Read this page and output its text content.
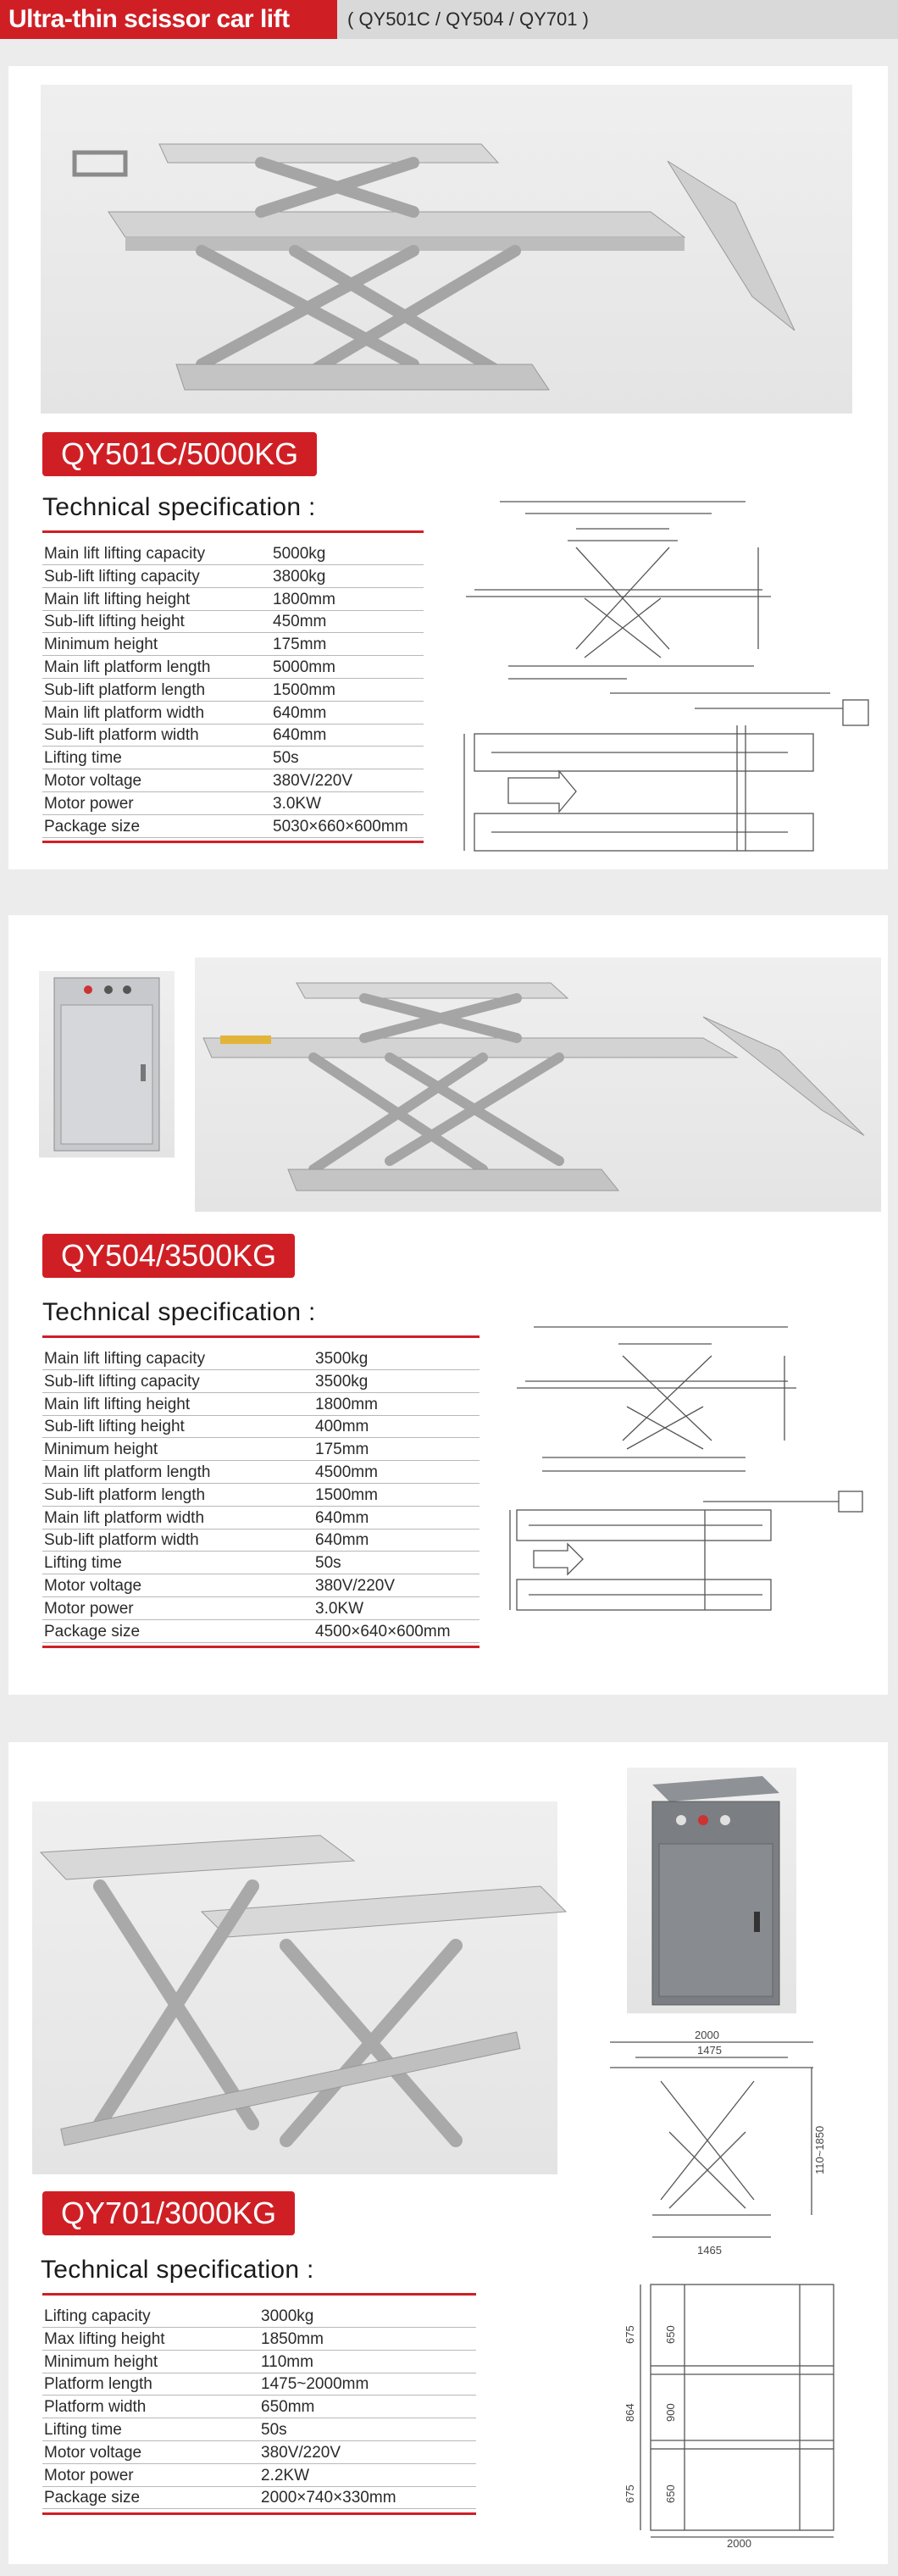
Ultra-thin scissor car lift	( QY501C / QY504 / QY701 )
QY501C/5000KG
Technical specification :
Main lift lifting capacity	5000kg
Sub-lift lifting capacity	3800kg
Main lift lifting height	1800mm
Sub-lift lifting height	450mm
Minimum height	175mm
Main lift platform length	5000mm
Sub-lift platform length	1500mm
Main lift platform width	640mm
Sub-lift platform width	640mm
Lifting time	50s
Motor voltage	380V/220V
Motor power	3.0KW
Package size	5030×660×600mm
QY504/3500KG
Technical specification :
Main lift lifting capacity	3500kg
Sub-lift lifting capacity	3500kg
Main lift lifting height	1800mm
Sub-lift lifting height	400mm
Minimum height	175mm
Main lift platform length	4500mm
Sub-lift platform length	1500mm
Main lift platform width	640mm
Sub-lift platform width	640mm
Lifting time	50s
Motor voltage	380V/220V
Motor power	3.0KW
Package size	4500×640×600mm
2000
1475
1465
110~1850
QY701/3000KG
Technical specification :
675	650
864	900
675	650
2000
Lifting capacity	3000kg
Max lifting height	1850mm
Minimum height	110mm
Platform length	1475~2000mm
Platform width	650mm
Lifting time	50s
Motor voltage	380V/220V
Motor power	2.2KW
Package size	2000×740×330mm
